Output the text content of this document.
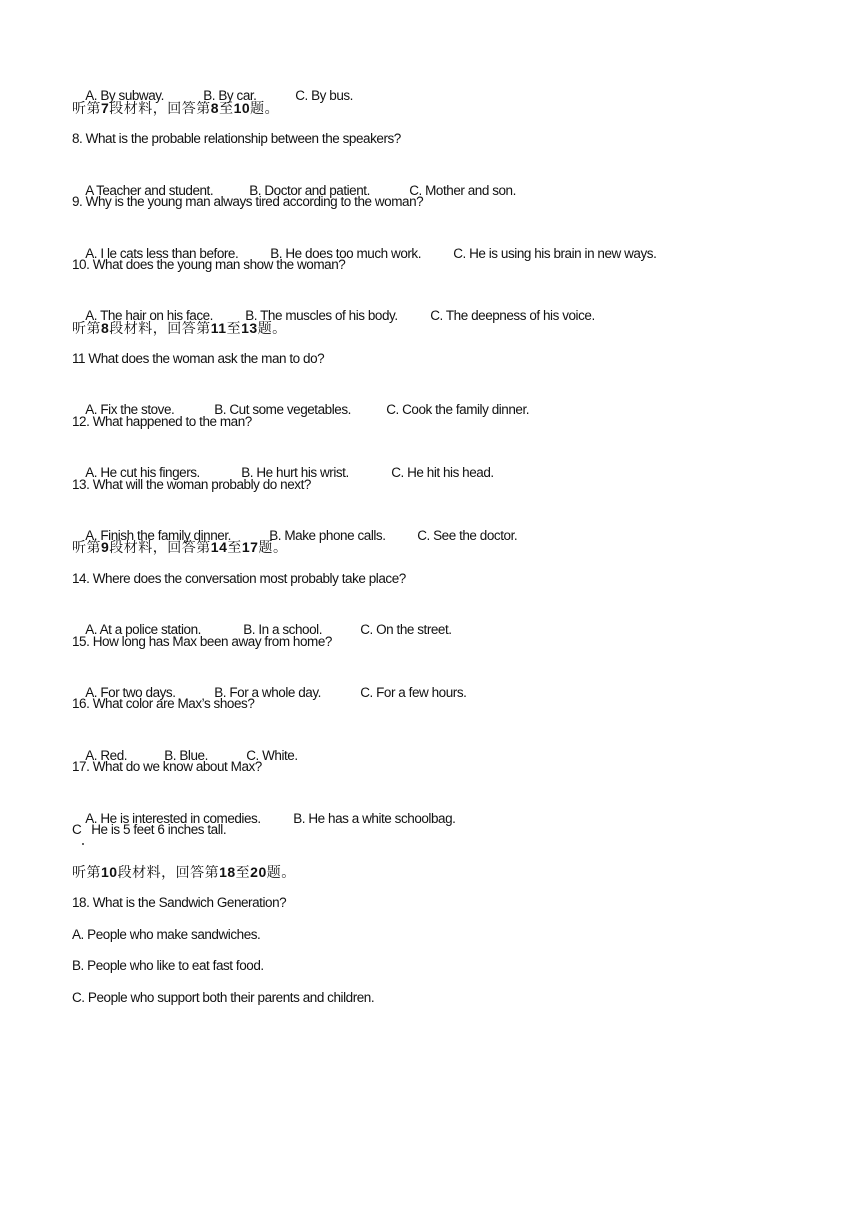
A. By subway.	B. By car.	C. By bus.

听第7段材料，回答第8至10题。
8. What is the probable relationship between the speakers?

A Teacher and student.	B. Doctor and patient.	C. Mother and son.

9. Why is the young man always tired according to the woman?

A. I le cats less than before. B. He does too much work. C. He is using his brain in new ways.

10. What does the young man show the woman?

A. The hair on his face. B. The muscles of his body. C. The deepness of his voice.

听第8段材料，回答第11至13题。
11 What does the woman ask the man to do?

A. Fix the stove.	B. Cut some vegetables.	C. Cook the family dinner.

12. What happened to the man?

A. He cut his fingers.	B. He hurt his wrist.	C. He hit his head.

13. What will the woman probably do next?

A. Finish the family dinner.	B. Make phone calls. C. See the doctor.

听第9段材料，回答第14至17题。
14. Where does the conversation most probably take place?

A. At a police station.	B. In a school.	C. On the street.

15. How long has Max been away from home?

A. For two days.	B. For a whole day.	C. For a few hours.

16. What color are Max’s shoes?

A. Red.	B. Blue.	C. White.

17. What do we know about Max?

A. He is interested in comedies. B. He has a white schoolbag.

C   He is 5 feet 6 inches tall.
听第10段材料，回答第18至20题。
18. What is the Sandwich Generation?
A. People who make sandwiches.
B. People who like to eat fast food.
C. People who support both their parents and children.
